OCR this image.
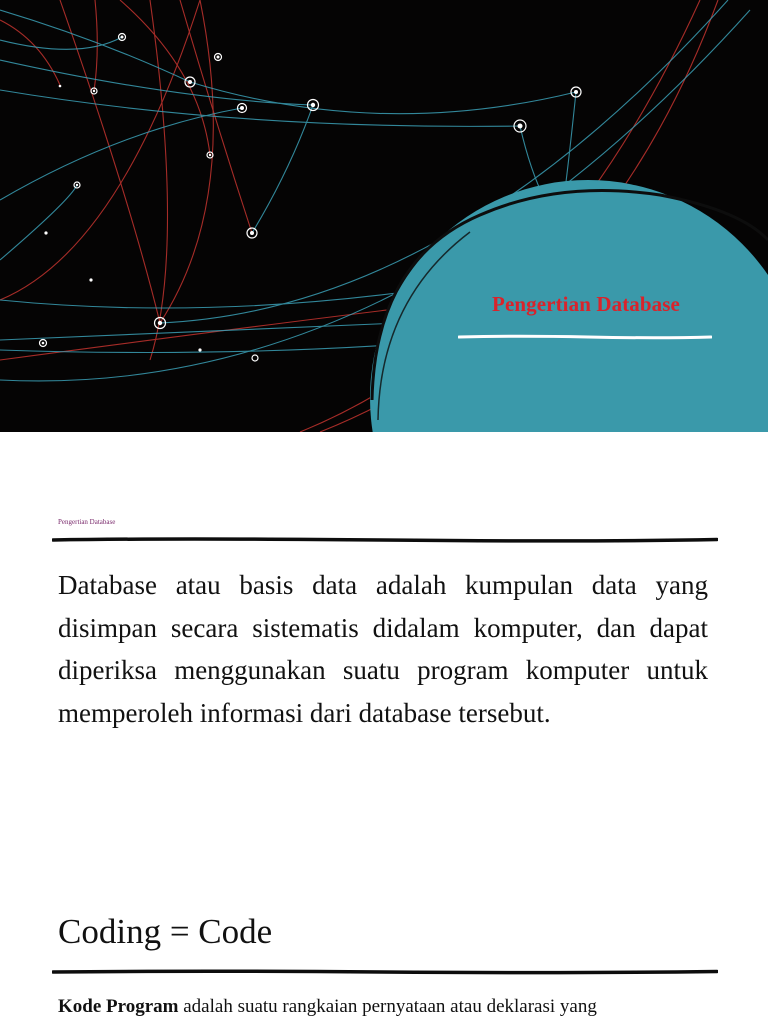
Pengertian Database
Pengertian Database
Database atau basis data adalah kumpulan data yang disimpan secara sistematis didalam komputer, dan dapat diperiksa menggunakan suatu program komputer untuk memperoleh informasi dari database tersebut.
Coding = Code
Kode Program adalah suatu rangkaian pernyataan atau deklarasi yang
